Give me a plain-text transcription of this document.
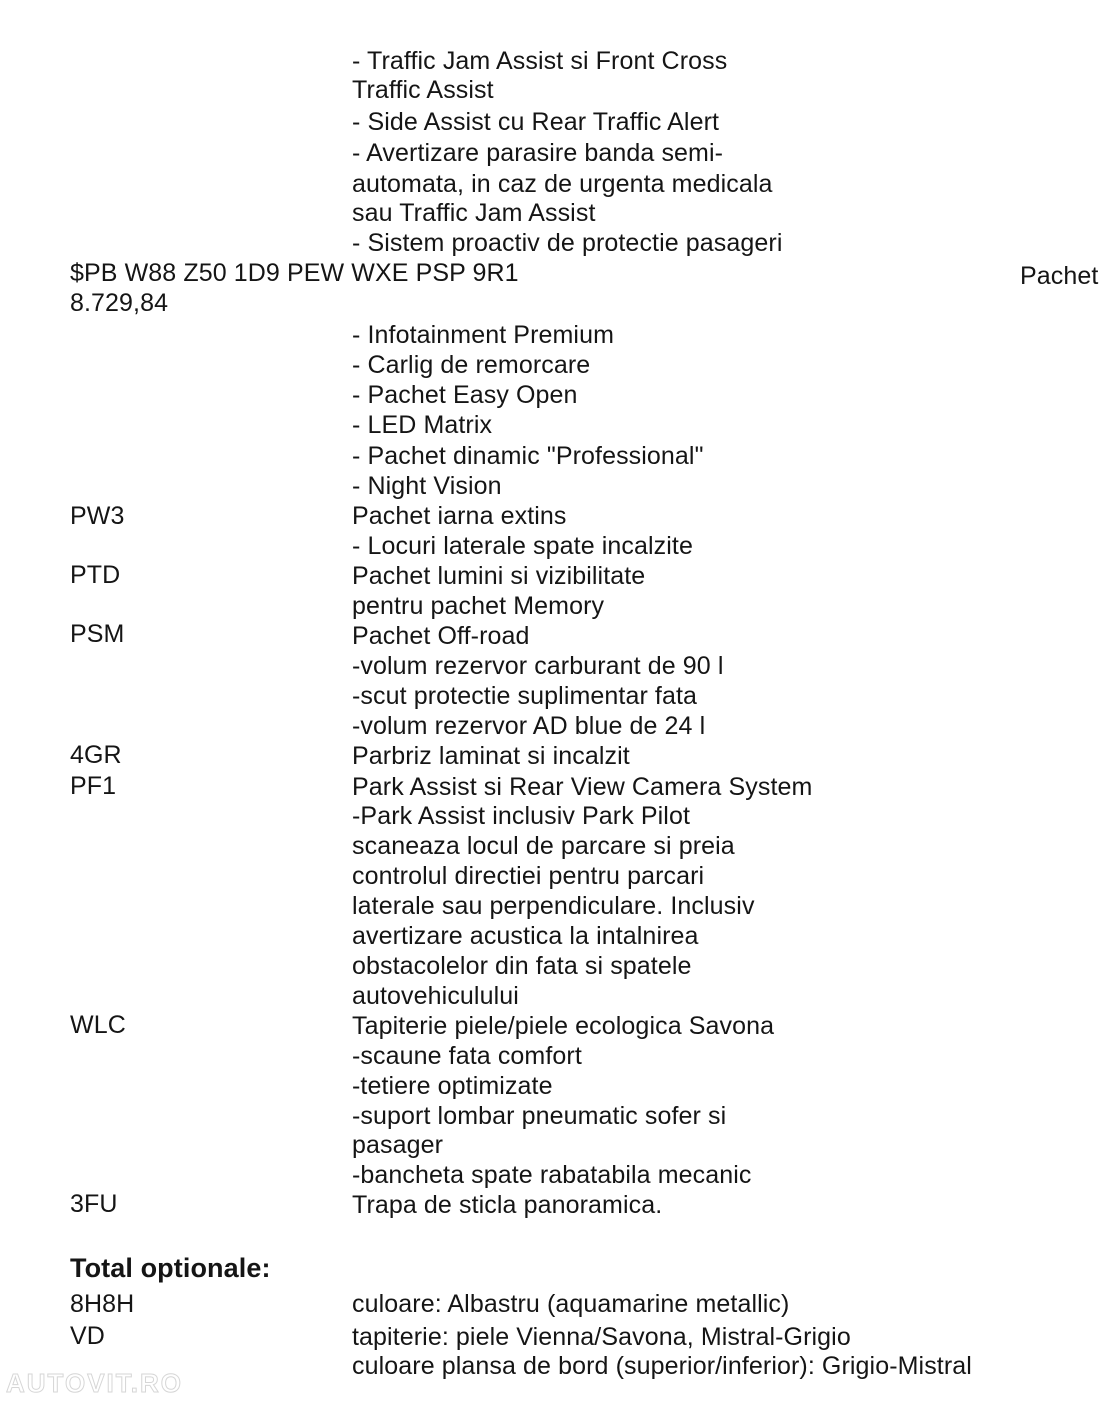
- Traffic Jam Assist si Front Cross
Traffic Assist
- Side Assist cu Rear Traffic Alert
- Avertizare parasire banda semi-
automata, in caz de urgenta medicala
sau Traffic Jam Assist
- Sistem proactiv de protectie pasageri
$PB W88 Z50 1D9 PEW WXE PSP 9R1	Pachet
8.729,84
- Infotainment Premium
- Carlig de remorcare
- Pachet Easy Open
- LED Matrix
- Pachet dinamic "Professional"
- Night Vision
PW3	Pachet iarna extins
- Locuri laterale spate incalzite
PTD	Pachet lumini si vizibilitate
pentru pachet Memory
PSM	Pachet Off-road
-volum rezervor carburant de 90 l
-scut protectie suplimentar fata
-volum rezervor AD blue de 24 l
4GR	Parbriz laminat si incalzit
PF1	Park Assist si Rear View Camera System
-Park Assist inclusiv Park Pilot
scaneaza locul de parcare si preia
controlul directiei pentru parcari
laterale sau perpendiculare. Inclusiv
avertizare acustica la intalnirea
obstacolelor din fata si spatele
autovehiculului
WLC	Tapiterie piele/piele ecologica Savona
-scaune fata comfort
-tetiere optimizate
-suport lombar pneumatic sofer si
pasager
-bancheta spate rabatabila mecanic
3FU	Trapa de sticla panoramica.
Total optionale:
8H8H	culoare: Albastru (aquamarine metallic)
VD	tapiterie: piele Vienna/Savona, Mistral-Grigio
culoare plansa de bord (superior/inferior): Grigio-Mistral
AUTOVIT.RO
